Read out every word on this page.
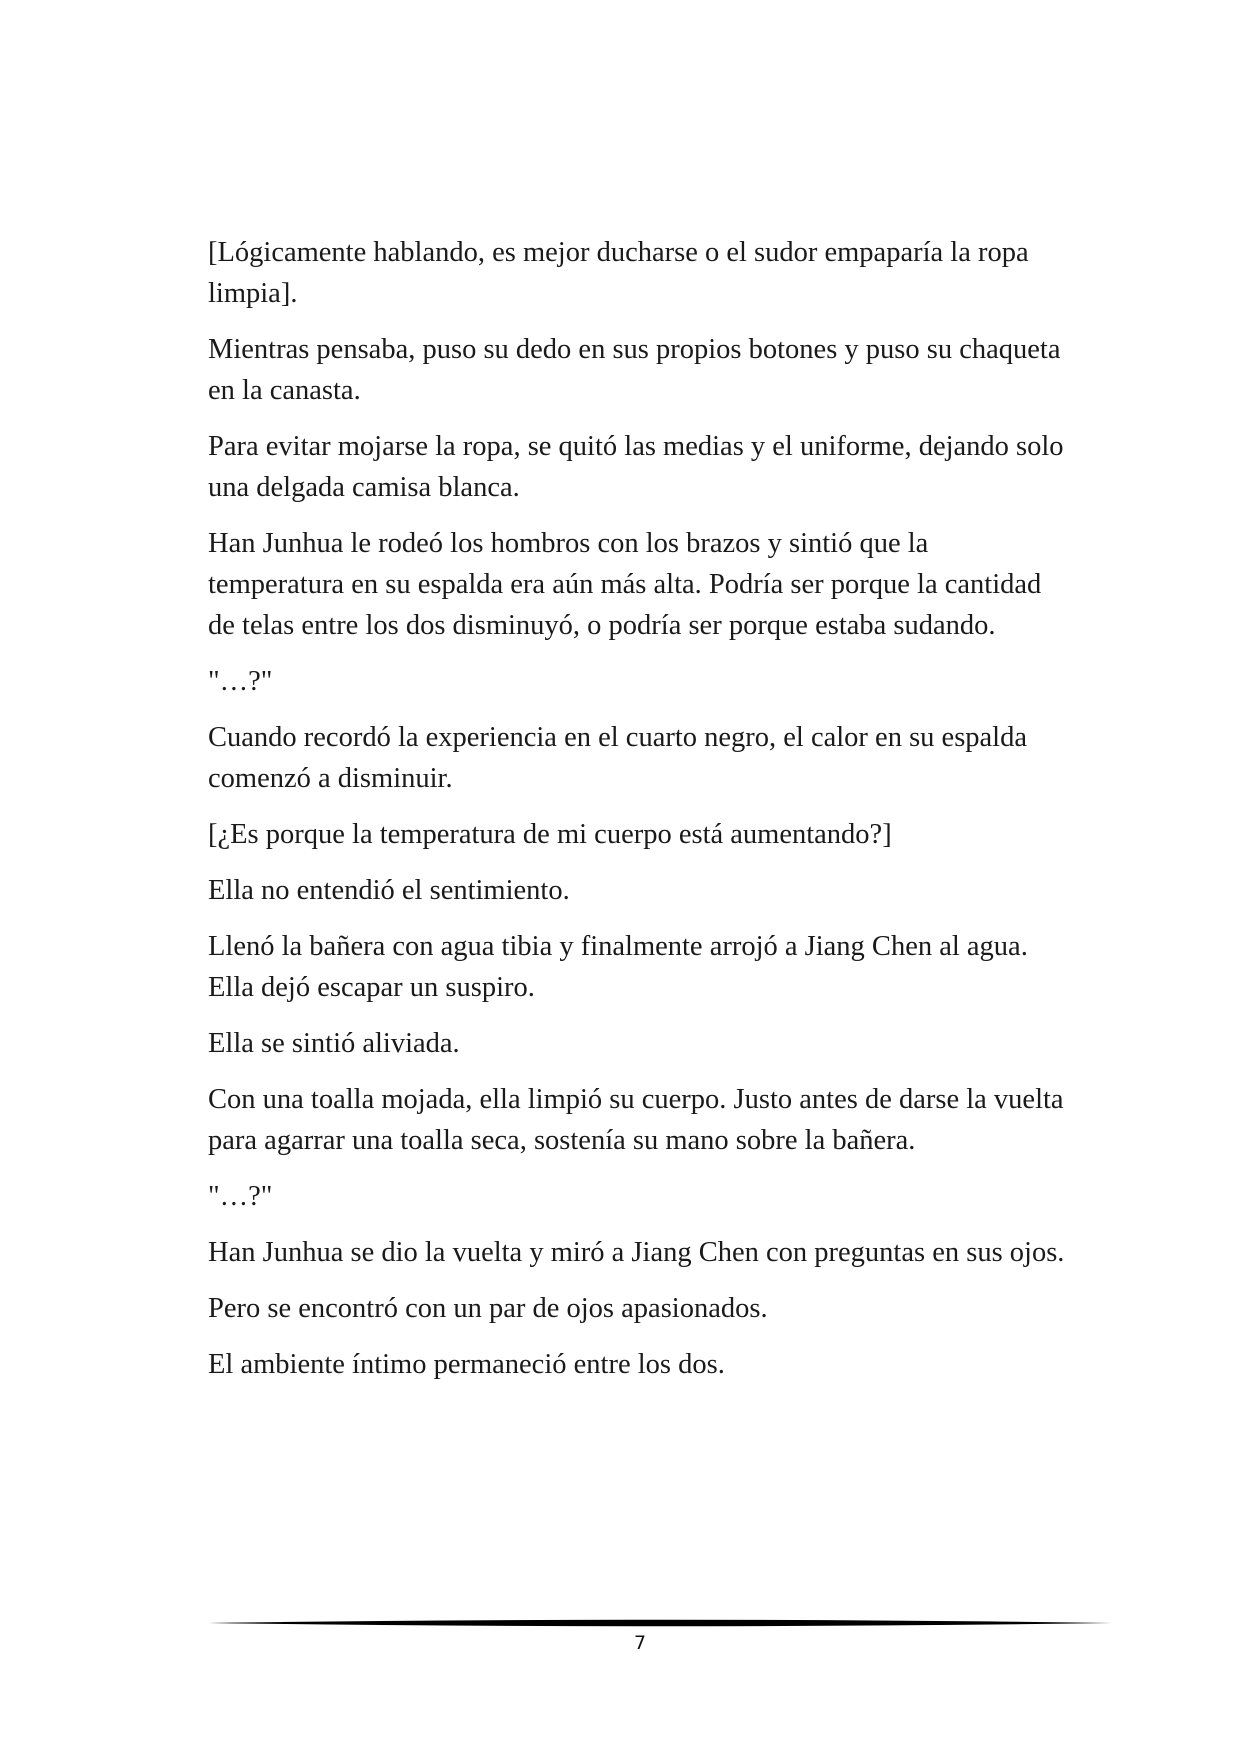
[Lógicamente hablando, es mejor ducharse o el sudor empaparía la ropa limpia].

Mientras pensaba, puso su dedo en sus propios botones y puso su chaqueta en la canasta.

Para evitar mojarse la ropa, se quitó las medias y el uniforme, dejando solo una delgada camisa blanca.

Han Junhua le rodeó los hombros con los brazos y sintió que la temperatura en su espalda era aún más alta. Podría ser porque la cantidad de telas entre los dos disminuyó, o podría ser porque estaba sudando.

"…?"

Cuando recordó la experiencia en el cuarto negro, el calor en su espalda comenzó a disminuir.

[¿Es porque la temperatura de mi cuerpo está aumentando?]

Ella no entendió el sentimiento.

Llenó la bañera con agua tibia y finalmente arrojó a Jiang Chen al agua. Ella dejó escapar un suspiro.

Ella se sintió aliviada.

Con una toalla mojada, ella limpió su cuerpo. Justo antes de darse la vuelta para agarrar una toalla seca, sostenía su mano sobre la bañera.

"…?"

Han Junhua se dio la vuelta y miró a Jiang Chen con preguntas en sus ojos.

Pero se encontró con un par de ojos apasionados.

El ambiente íntimo permaneció entre los dos.

7
